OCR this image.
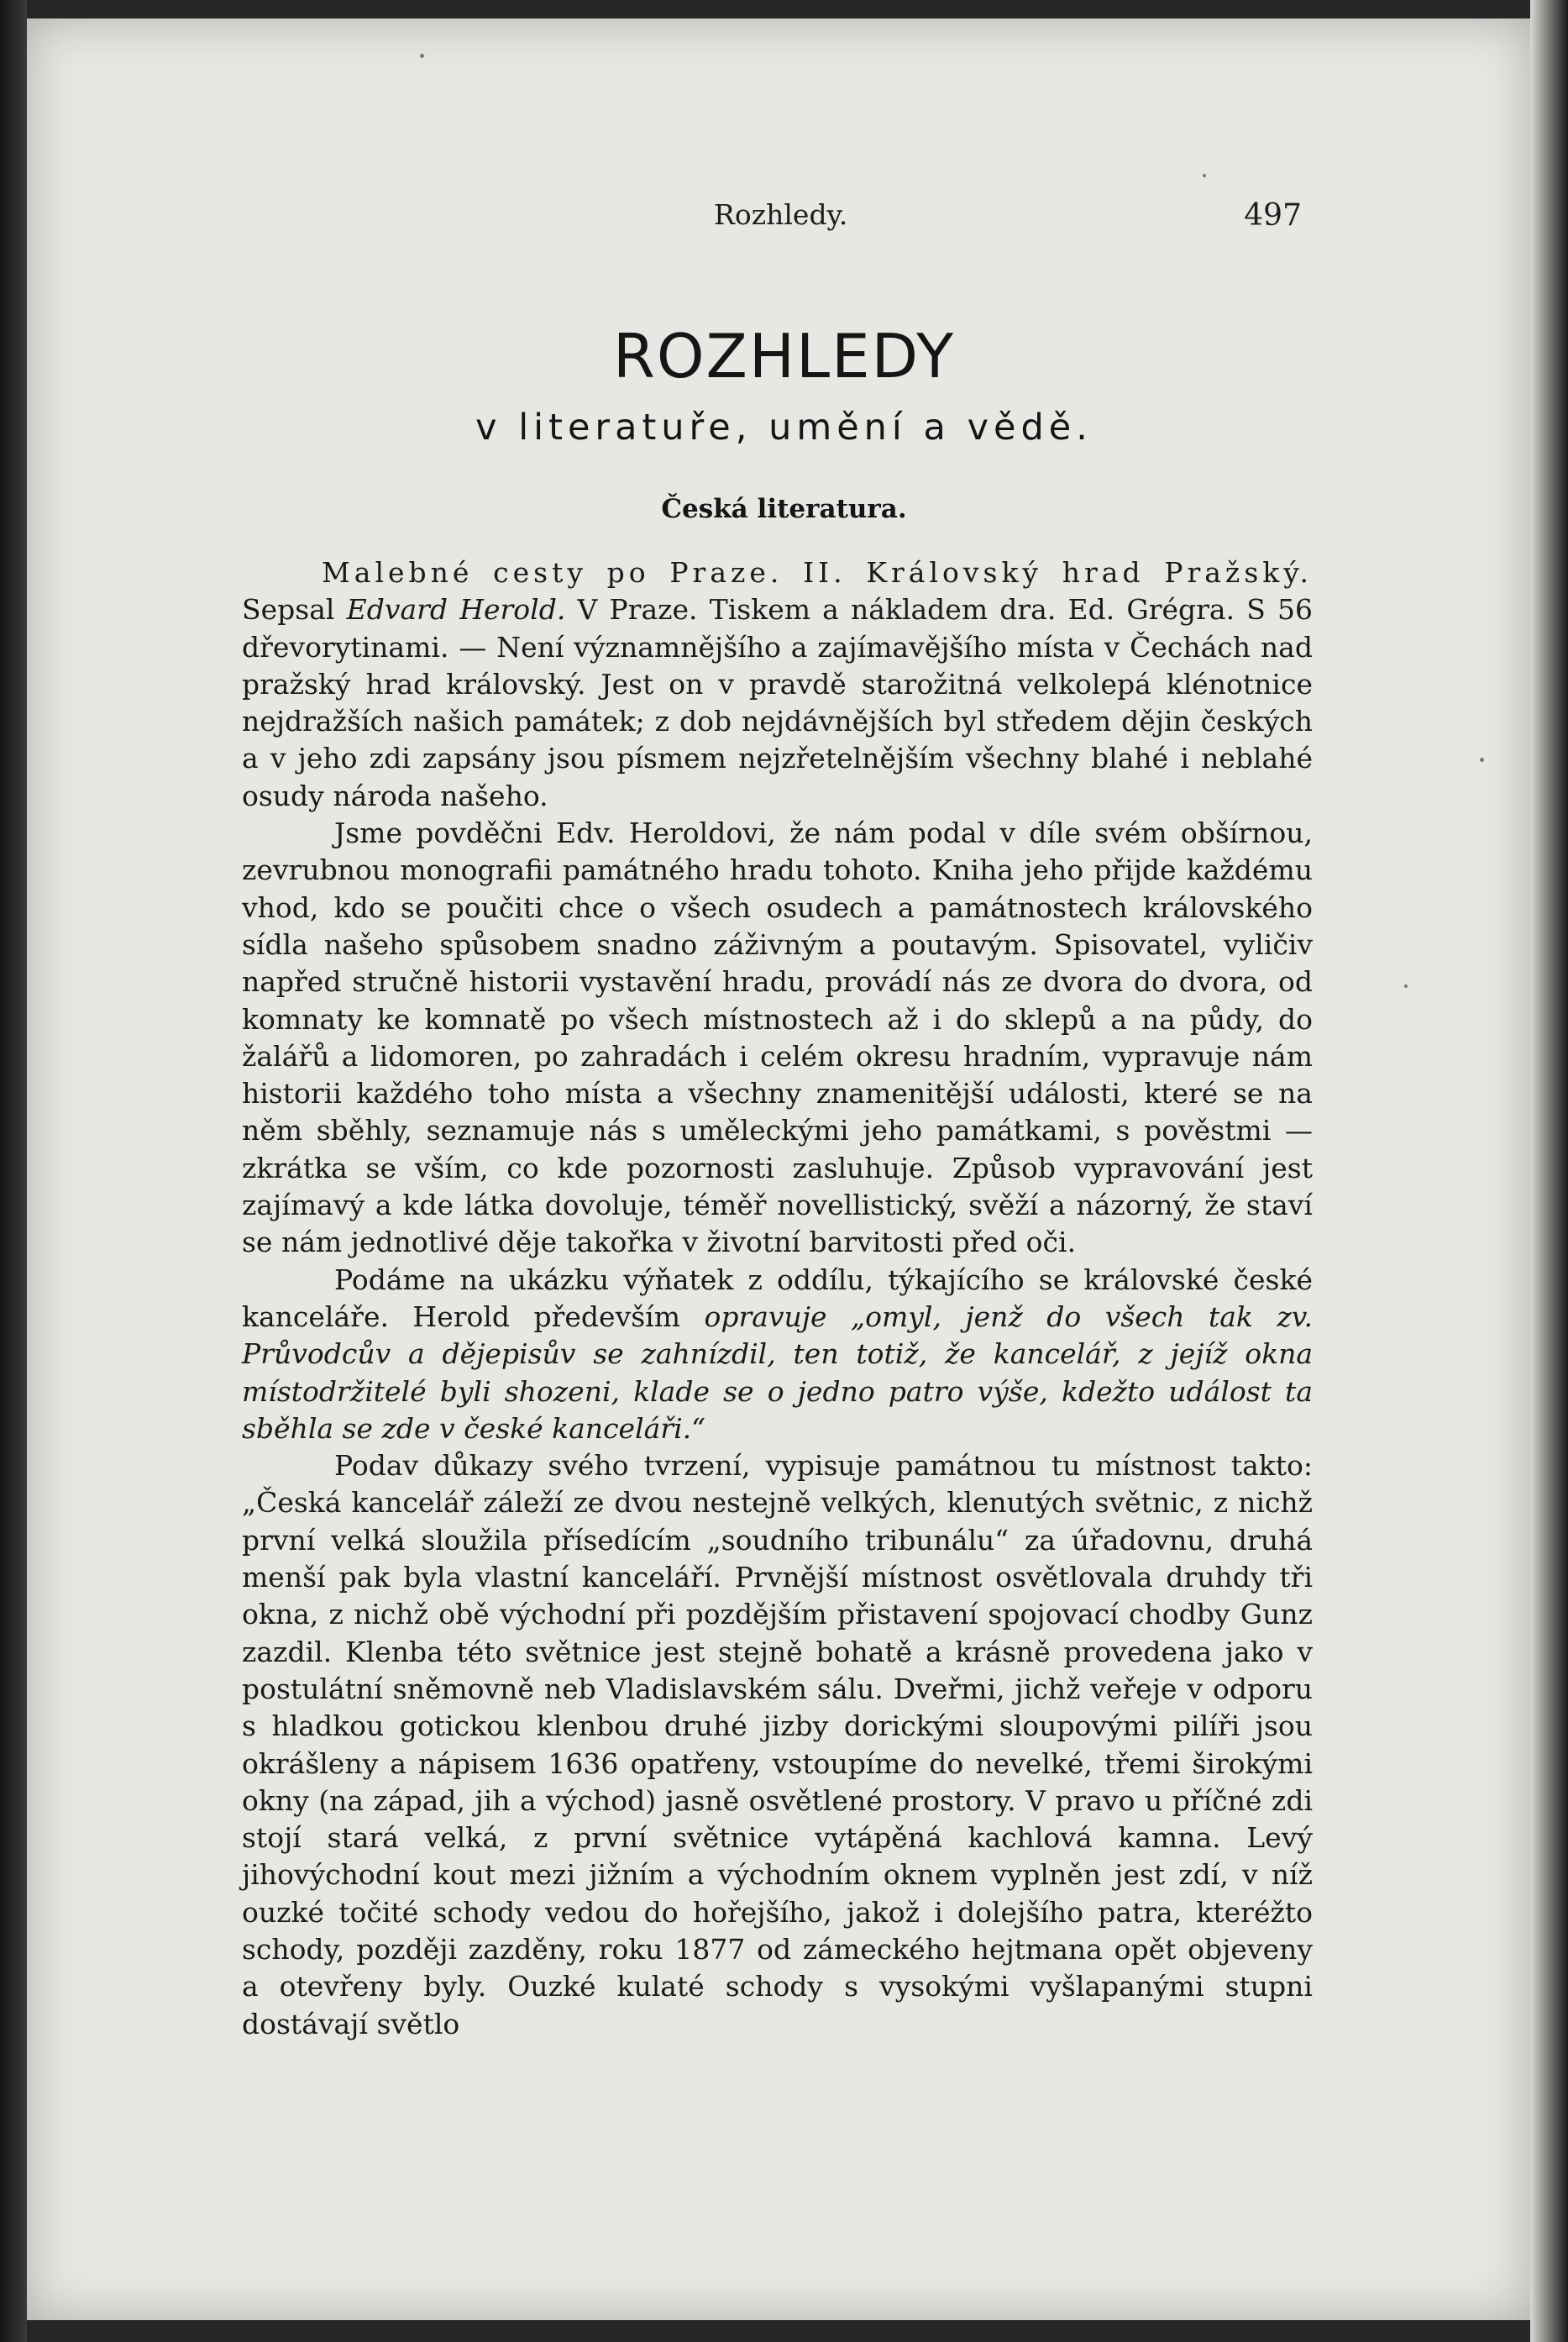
Rozhledy.	497
ROZHLEDY
v literatuře, umění a vědě.
Česká literatura.

Malebné cesty po Praze. II. Královský hrad Pražský. Sepsal Edvard Herold. V Praze. Tiskem a nákladem dra. Ed. Grégra. S 56 dřevorytinami. — Není významnějšího a zajímavějšího místa v Čechách nad pražský hrad královský. Jest on v pravdě starožitná velkolepá klénotnice nejdražších našich památek; z dob nejdávnějších byl středem dějin českých a v jeho zdi zapsány jsou písmem nejzřetelnějším všechny blahé i neblahé osudy národa našeho.

Jsme povděčni Edv. Heroldovi, že nám podal v díle svém obšírnou, zevrubnou monografii památného hradu tohoto. Kniha jeho přijde každému vhod, kdo se poučiti chce o všech osudech a památnostech královského sídla našeho spůsobem snadno záživným a poutavým. Spisovatel, vyličiv napřed stručně historii vystavění hradu, provádí nás ze dvora do dvora, od komnaty ke komnatě po všech místnostech až i do sklepů a na půdy, do žalářů a lidomoren, po zahradách i celém okresu hradním, vypravuje nám historii každého toho místa a všechny znamenitější události, které se na něm sběhly, seznamuje nás s uměleckými jeho památkami, s pověstmi — zkrátka se vším, co kde pozornosti zasluhuje. Způsob vypravování jest zajímavý a kde látka dovoluje, téměř novellistický, svěží a názorný, že staví se nám jednotlivé děje takořka v životní barvitosti před oči.

Podáme na ukázku výňatek z oddílu, týkajícího se královské české kanceláře. Herold především opravuje „omyl, jenž do všech tak zv. Průvodcův a dějepisův se zahnízdil, ten totiž, že kancelář, z jejíž okna místodržitelé byli shozeni, klade se o jedno patro výše, kdežto událost ta sběhla se zde v české kanceláři.“

Podav důkazy svého tvrzení, vypisuje památnou tu místnost takto: „Česká kancelář záleží ze dvou nestejně velkých, klenutých světnic, z nichž první velká sloužila přísedícím „soudního tribunálu“ za úřadovnu, druhá menší pak byla vlastní kanceláří. Prvnější místnost osvětlovala druhdy tři okna, z nichž obě východní při pozdějším přistavení spojovací chodby Gunz zazdil. Klenba této světnice jest stejně bohatě a krásně provedena jako v postulátní sněmovně neb Vladislavském sálu. Dveřmi, jichž veřeje v odporu s hladkou gotickou klenbou druhé jizby dorickými sloupovými pilíři jsou okrášleny a nápisem 1636 opatřeny, vstoupíme do nevelké, třemi širokými okny (na západ, jih a východ) jasně osvětlené prostory. V pravo u příčné zdi stojí stará velká, z první světnice vytápěná kachlová kamna. Levý jihovýchodní kout mezi jižním a východním oknem vyplněn jest zdí, v níž ouzké točité schody vedou do hořejšího, jakož i dolejšího patra, kteréžto schody, později zazděny, roku 1877 od zámeckého hejtmana opět objeveny a otevřeny byly. Ouzké kulaté schody s vysokými vyšlapanými stupni dostávají světlo
